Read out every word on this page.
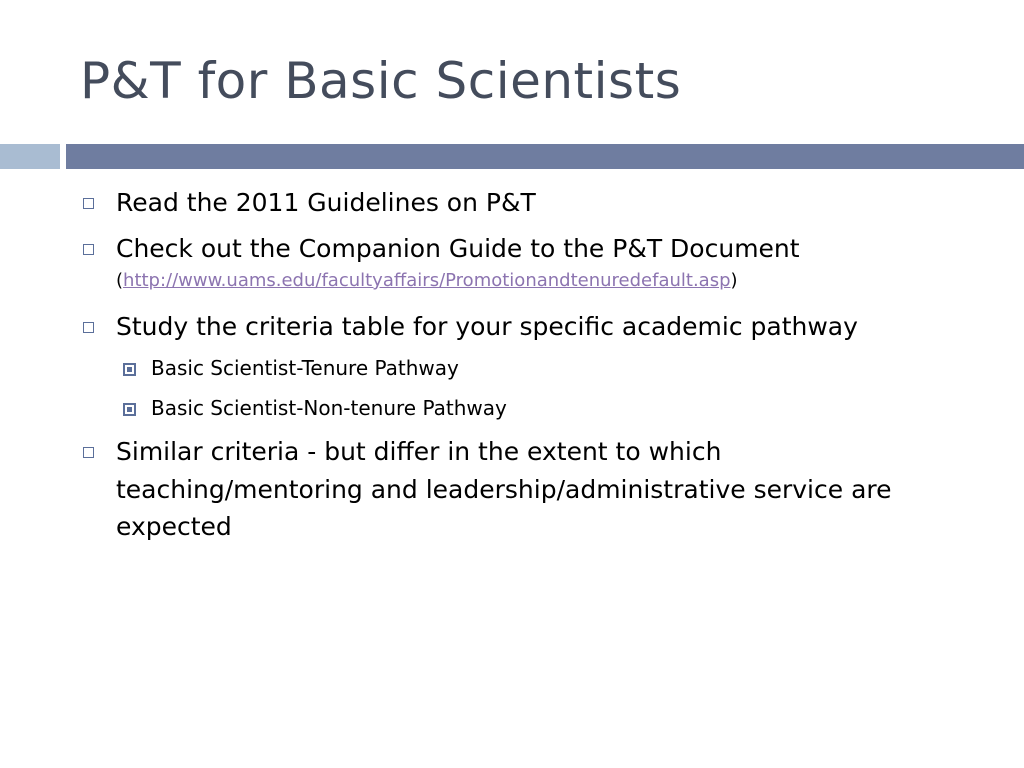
P&T for Basic Scientists
Read the 2011 Guidelines on P&T
Check out the Companion Guide to the P&T Document
(http://www.uams.edu/facultyaffairs/Promotionandtenuredefault.asp)
Study the criteria table for your specific academic pathway
Basic Scientist-Tenure Pathway
Basic Scientist-Non-tenure Pathway
Similar criteria - but differ in the extent to which
teaching/mentoring and leadership/administrative service are
expected
